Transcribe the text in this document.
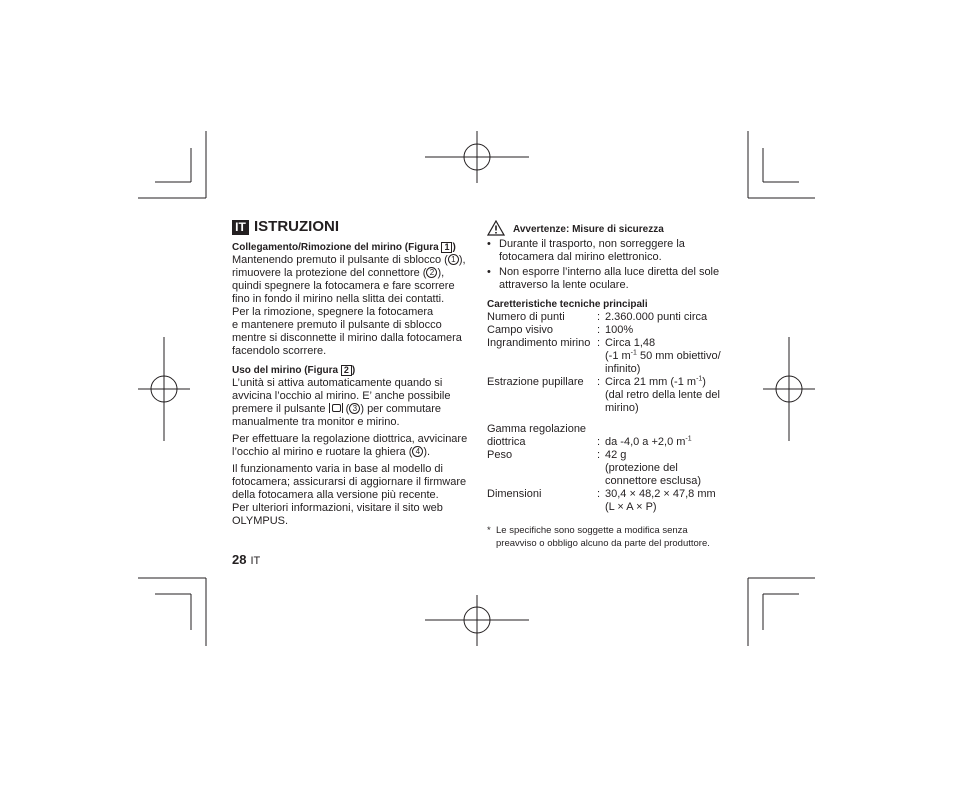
IT ISTRUZIONI
Collegamento/Rimozione del mirino (Figura 1 )

Mantenendo premuto il pulsante di sblocco ( 1 ),
rimuovere la protezione del connettore ( 2 ),
quindi spegnere la fotocamera e fare scorrere
fino in fondo il mirino nella slitta dei contatti.

Per la rimozione, spegnere la fotocamera
e mantenere premuto il pulsante di sblocco
mentre si disconnette il mirino dalla fotocamera
facendolo scorrere.

Uso del mirino (Figura 2 )

L’unità si attiva automaticamente quando si
avvicina l’occhio al mirino. E’ anche possibile
premere il pulsante  ( 3 ) per commutare
manualmente tra monitor e mirino.

Per effettuare la regolazione diottrica, avvicinare
l’occhio al mirino e ruotare la ghiera ( 4 ).

Il funzionamento varia in base al modello di
fotocamera; assicurarsi di aggiornare il firmware
della fotocamera alla versione più recente.
Per ulteriori informazioni, visitare il sito web
OLYMPUS.

Avvertenze: Misure di sicurezza
• Durante il trasporto, non sorreggere la
fotocamera dal mirino elettronico.
• Non esporre l’interno alla luce diretta del sole
attraverso la lente oculare.
Caretteristiche tecniche principali
Numero di punti	:	2.360.000 punti circa
Campo visivo	:	100%
Ingrandimento mirino	:	Circa 1,48
(-1 $m^{-1}$ 50 mm obiettivo/
infinito)
Estrazione pupillare	:	Circa 21 mm (-1 $m^{-1}$)
(dal retro della lente del
mirino)
Gamma regolazione
diottrica	:	da -4,0 a +2,0 $m^{-1}$
Peso	:	42 g
(protezione del
connettore esclusa)
Dimensioni	:	30,4 × 48,2 × 47,8 mm
(L × A × P)
* Le specifiche sono soggette a modifica senza
preavviso o obbligo alcuno da parte del produttore.
28 IT
